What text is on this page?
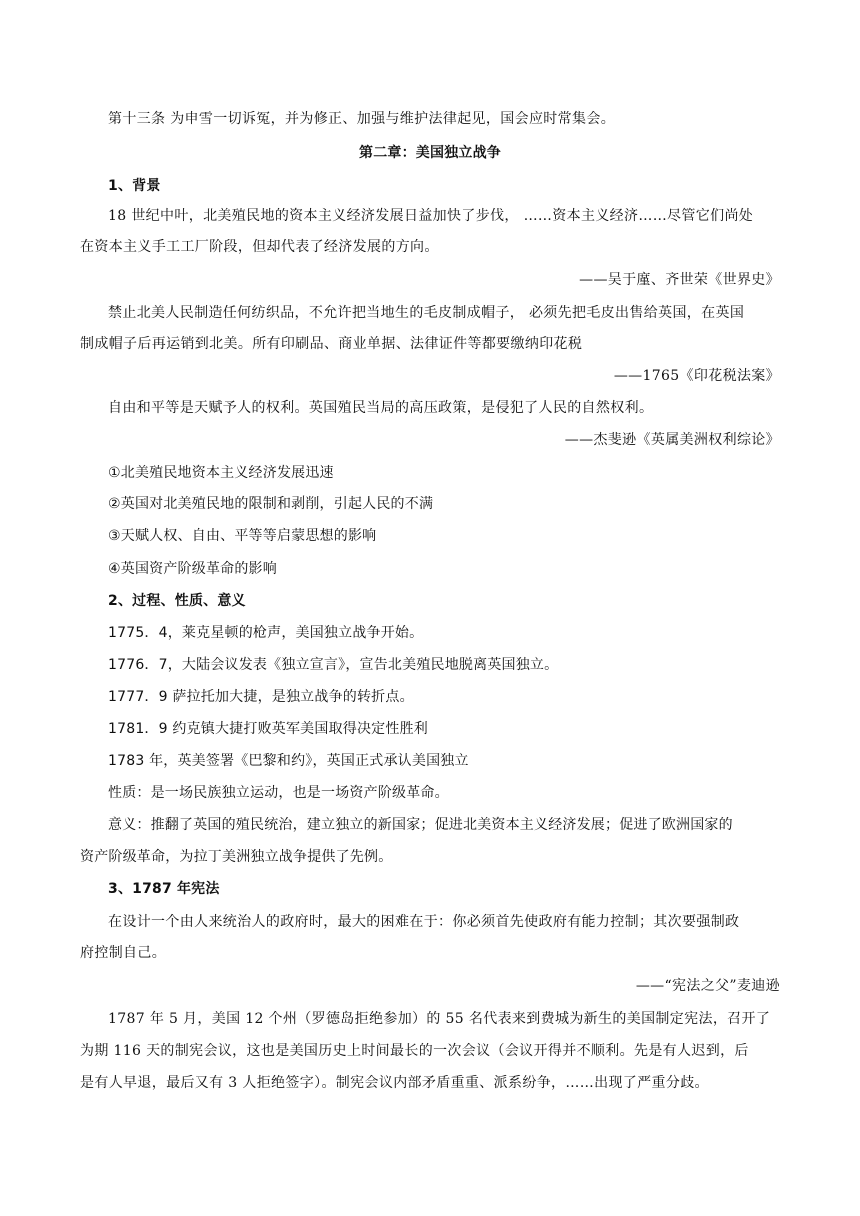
第十三条 为申雪一切诉冤，并为修正、加强与维护法律起见，国会应时常集会。
第二章：美国独立战争
1、背景
18 世纪中叶，北美殖民地的资本主义经济发展日益加快了步伐， ……资本主义经济……尽管它们尚处
在资本主义手工工厂阶段，但却代表了经济发展的方向。
——吴于廑、齐世荣《世界史》
禁止北美人民制造任何纺织品，不允许把当地生的毛皮制成帽子， 必须先把毛皮出售给英国，在英国
制成帽子后再运销到北美。所有印刷品、商业单据、法律证件等都要缴纳印花税
——1765《印花税法案》
自由和平等是天赋予人的权利。英国殖民当局的高压政策，是侵犯了人民的自然权利。
——杰斐逊《英属美洲权利综论》
①北美殖民地资本主义经济发展迅速
②英国对北美殖民地的限制和剥削，引起人民的不满
③天赋人权、自由、平等等启蒙思想的影响
④英国资产阶级革命的影响
2、过程、性质、意义
1775．4，莱克星顿的枪声，美国独立战争开始。
1776．7，大陆会议发表《独立宣言》，宣告北美殖民地脱离英国独立。
1777．9 萨拉托加大捷，是独立战争的转折点。
1781．9 约克镇大捷打败英军美国取得决定性胜利
1783 年，英美签署《巴黎和约》，英国正式承认美国独立
性质：是一场民族独立运动，也是一场资产阶级革命。
意义：推翻了英国的殖民统治，建立独立的新国家；促进北美资本主义经济发展；促进了欧洲国家的
资产阶级革命，为拉丁美洲独立战争提供了先例。
3、1787 年宪法
在设计一个由人来统治人的政府时，最大的困难在于：你必须首先使政府有能力控制；其次要强制政
府控制自己。
——“宪法之父”麦迪逊
1787 年 5 月，美国 12 个州（罗德岛拒绝参加）的 55 名代表来到费城为新生的美国制定宪法，召开了
为期 116 天的制宪会议，这也是美国历史上时间最长的一次会议（会议开得并不顺利。先是有人迟到，后
是有人早退，最后又有 3 人拒绝签字）。制宪会议内部矛盾重重、派系纷争，……出现了严重分歧。
